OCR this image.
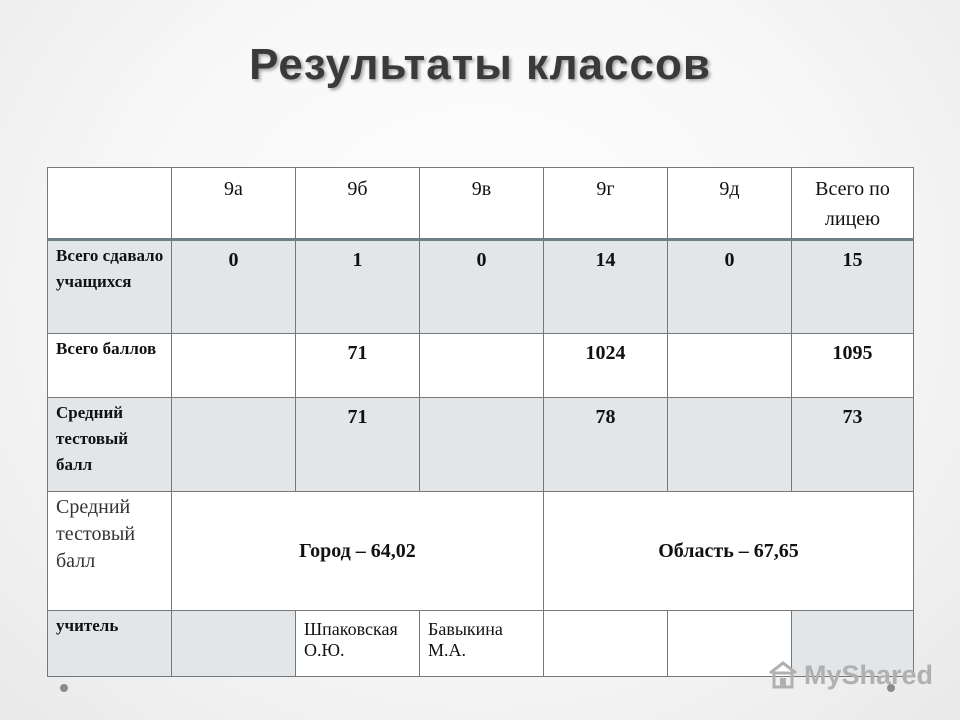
Результаты классов
	9а	9б	9в	9г	9д	Всего по лицею
Всего сдавало учащихся	0	1	0	14	0	15
Всего баллов		71		1024		1095
Средний тестовый балл		71		78		73
Средний тестовый балл	Город – 64,02			Область – 67,65		
учитель		Шпаковская О.Ю.	Бавыкина М.А.			
MyShared
